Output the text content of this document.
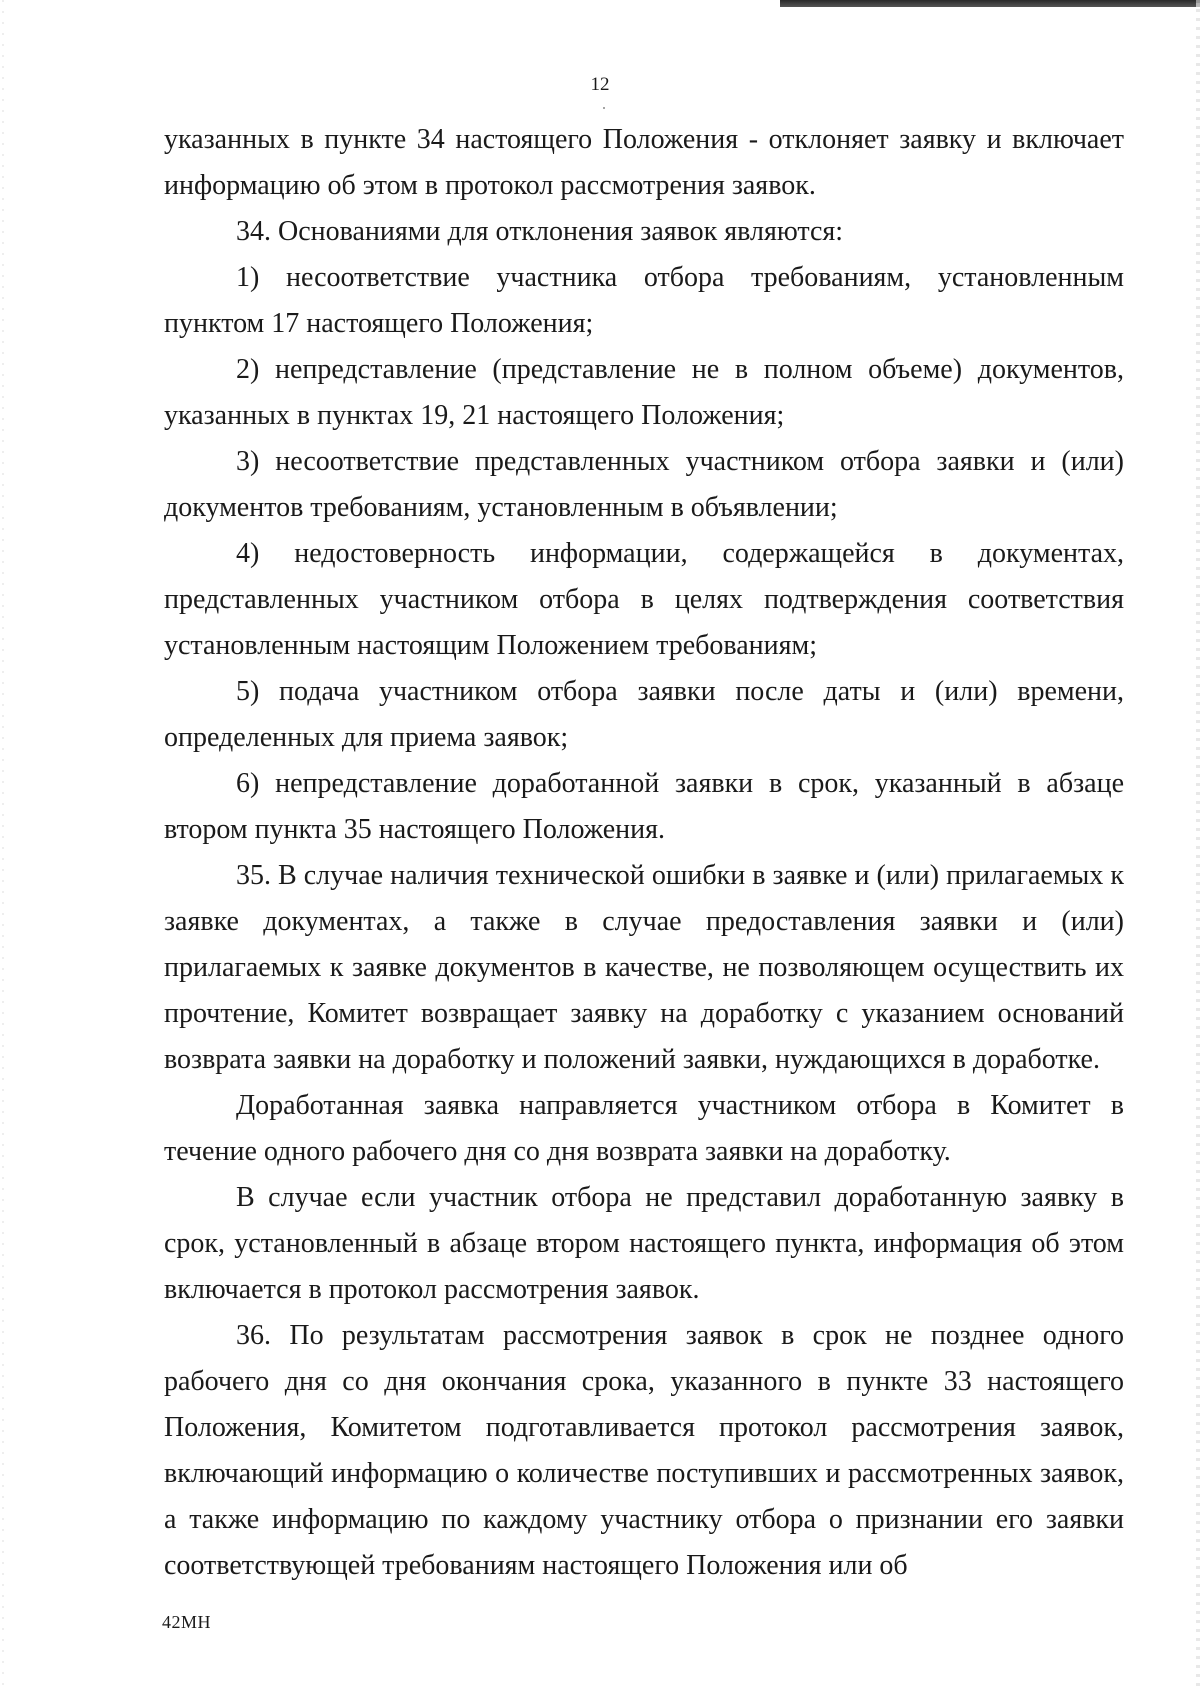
12

указанных в пункте 34 настоящего Положения - отклоняет заявку и включает информацию об этом в протокол рассмотрения заявок.

34. Основаниями для отклонения заявок являются:

1) несоответствие участника отбора требованиям, установленным пунктом 17 настоящего Положения;

2) непредставление (представление не в полном объеме) документов, указанных в пунктах 19, 21 настоящего Положения;

3) несоответствие представленных участником отбора заявки и (или) документов требованиям, установленным в объявлении;

4) недостоверность информации, содержащейся в документах, представленных участником отбора в целях подтверждения соответствия установленным настоящим Положением требованиям;

5) подача участником отбора заявки после даты и (или) времени, определенных для приема заявок;

6) непредставление доработанной заявки в срок, указанный в абзаце втором пункта 35 настоящего Положения.

35. В случае наличия технической ошибки в заявке и (или) прилагаемых к заявке документах, а также в случае предоставления заявки и (или) прилагаемых к заявке документов в качестве, не позволяющем осуществить их прочтение, Комитет возвращает заявку на доработку с указанием оснований возврата заявки на доработку и положений заявки, нуждающихся в доработке.

Доработанная заявка направляется участником отбора в Комитет в течение одного рабочего дня со дня возврата заявки на доработку.

В случае если участник отбора не представил доработанную заявку в срок, установленный в абзаце втором настоящего пункта, информация об этом включается в протокол рассмотрения заявок.

36. По результатам рассмотрения заявок в срок не позднее одного рабочего дня со дня окончания срока, указанного в пункте 33 настоящего Положения, Комитетом подготавливается протокол рассмотрения заявок, включающий информацию о количестве поступивших и рассмотренных заявок, а также информацию по каждому участнику отбора о признании его заявки соответствующей требованиям настоящего Положения или об

42МН
